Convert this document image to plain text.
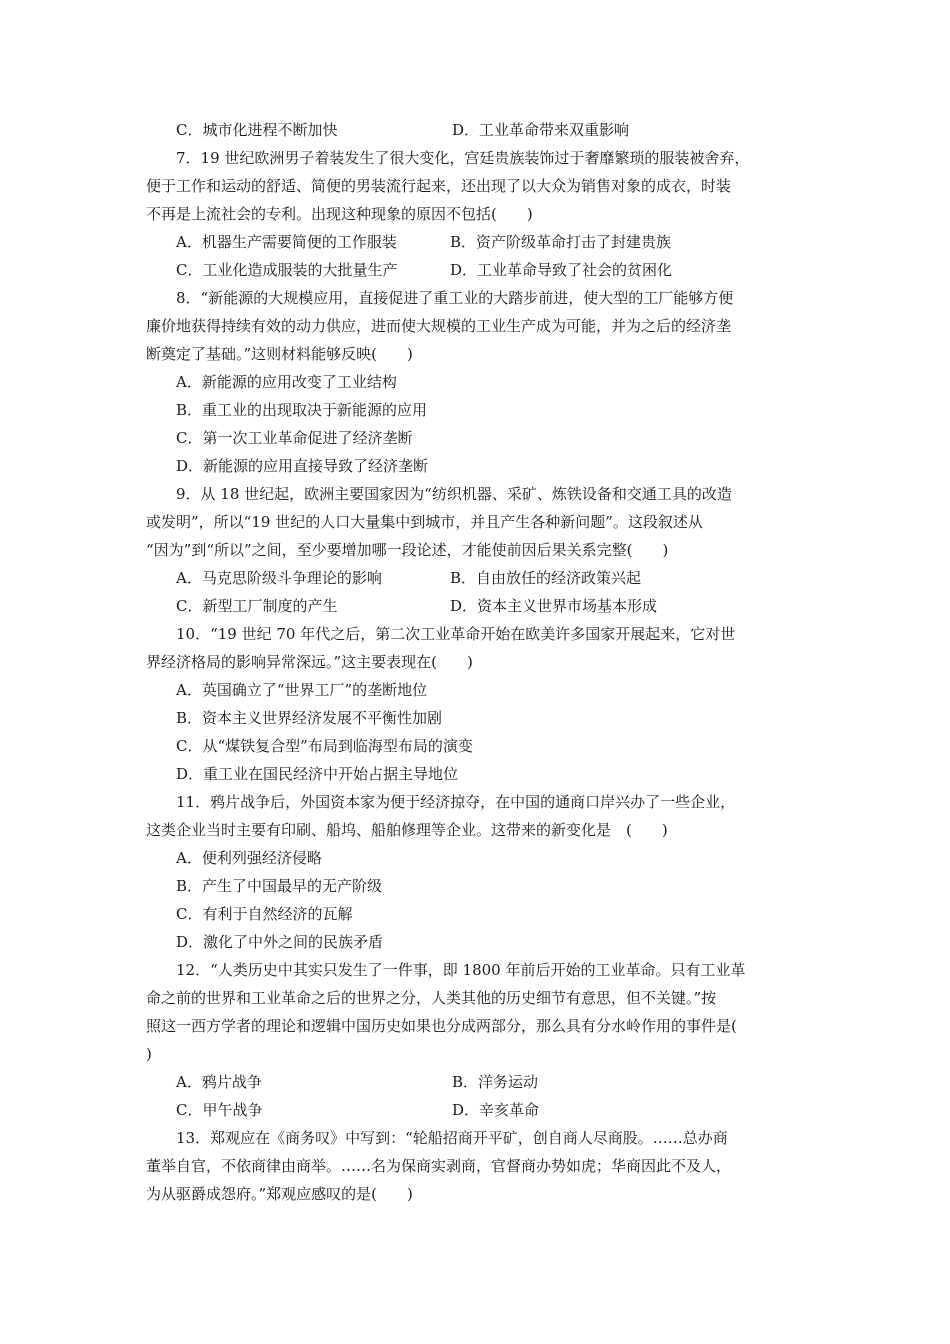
C．城市化进程不断加快	D．工业革命带来双重影响
7．19 世纪欧洲男子着装发生了很大变化，宫廷贵族装饰过于奢靡繁琐的服装被舍弃，
便于工作和运动的舒适、简便的男装流行起来，还出现了以大众为销售对象的成衣，时装
不再是上流社会的专利。出现这种现象的原因不包括(　　)
A．机器生产需要简便的工作服装	B．资产阶级革命打击了封建贵族
C．工业化造成服装的大批量生产	D．工业革命导致了社会的贫困化
8．“新能源的大规模应用，直接促进了重工业的大踏步前进，使大型的工厂能够方便
廉价地获得持续有效的动力供应，进而使大规模的工业生产成为可能，并为之后的经济垄
断奠定了基础。”这则材料能够反映(　　)
A．新能源的应用改变了工业结构
B．重工业的出现取决于新能源的应用
C．第一次工业革命促进了经济垄断
D．新能源的应用直接导致了经济垄断
9．从 18 世纪起，欧洲主要国家因为“纺织机器、采矿、炼铁设备和交通工具的改造
或发明”，所以“19 世纪的人口大量集中到城市，并且产生各种新问题”。这段叙述从
“因为”到“所以”之间，至少要增加哪一段论述，才能使前因后果关系完整(　　)
A．马克思阶级斗争理论的影响	B．自由放任的经济政策兴起
C．新型工厂制度的产生	D．资本主义世界市场基本形成
10．“19 世纪 70 年代之后，第二次工业革命开始在欧美许多国家开展起来，它对世
界经济格局的影响异常深远。”这主要表现在(　　)
A．英国确立了“世界工厂”的垄断地位
B．资本主义世界经济发展不平衡性加剧
C．从“煤铁复合型”布局到临海型布局的演变
D．重工业在国民经济中开始占据主导地位
11．鸦片战争后，外国资本家为便于经济掠夺，在中国的通商口岸兴办了一些企业，
这类企业当时主要有印刷、船坞、船舶修理等企业。这带来的新变化是　(　　)
A．便利列强经济侵略
B．产生了中国最早的无产阶级
C．有利于自然经济的瓦解
D．激化了中外之间的民族矛盾
12．“人类历史中其实只发生了一件事，即 1800 年前后开始的工业革命。只有工业革
命之前的世界和工业革命之后的世界之分，人类其他的历史细节有意思，但不关键。”按
照这一西方学者的理论和逻辑中国历史如果也分成两部分，那么具有分水岭作用的事件是(
)
A．鸦片战争	B．洋务运动
C．甲午战争	D．辛亥革命
13．郑观应在《商务叹》中写到：“轮船招商开平矿，创自商人尽商股。……总办商
董举自官，不依商律由商举。……名为保商实剥商，官督商办势如虎；华商因此不及人，
为从驱爵成怨府。”郑观应感叹的是(　　)
